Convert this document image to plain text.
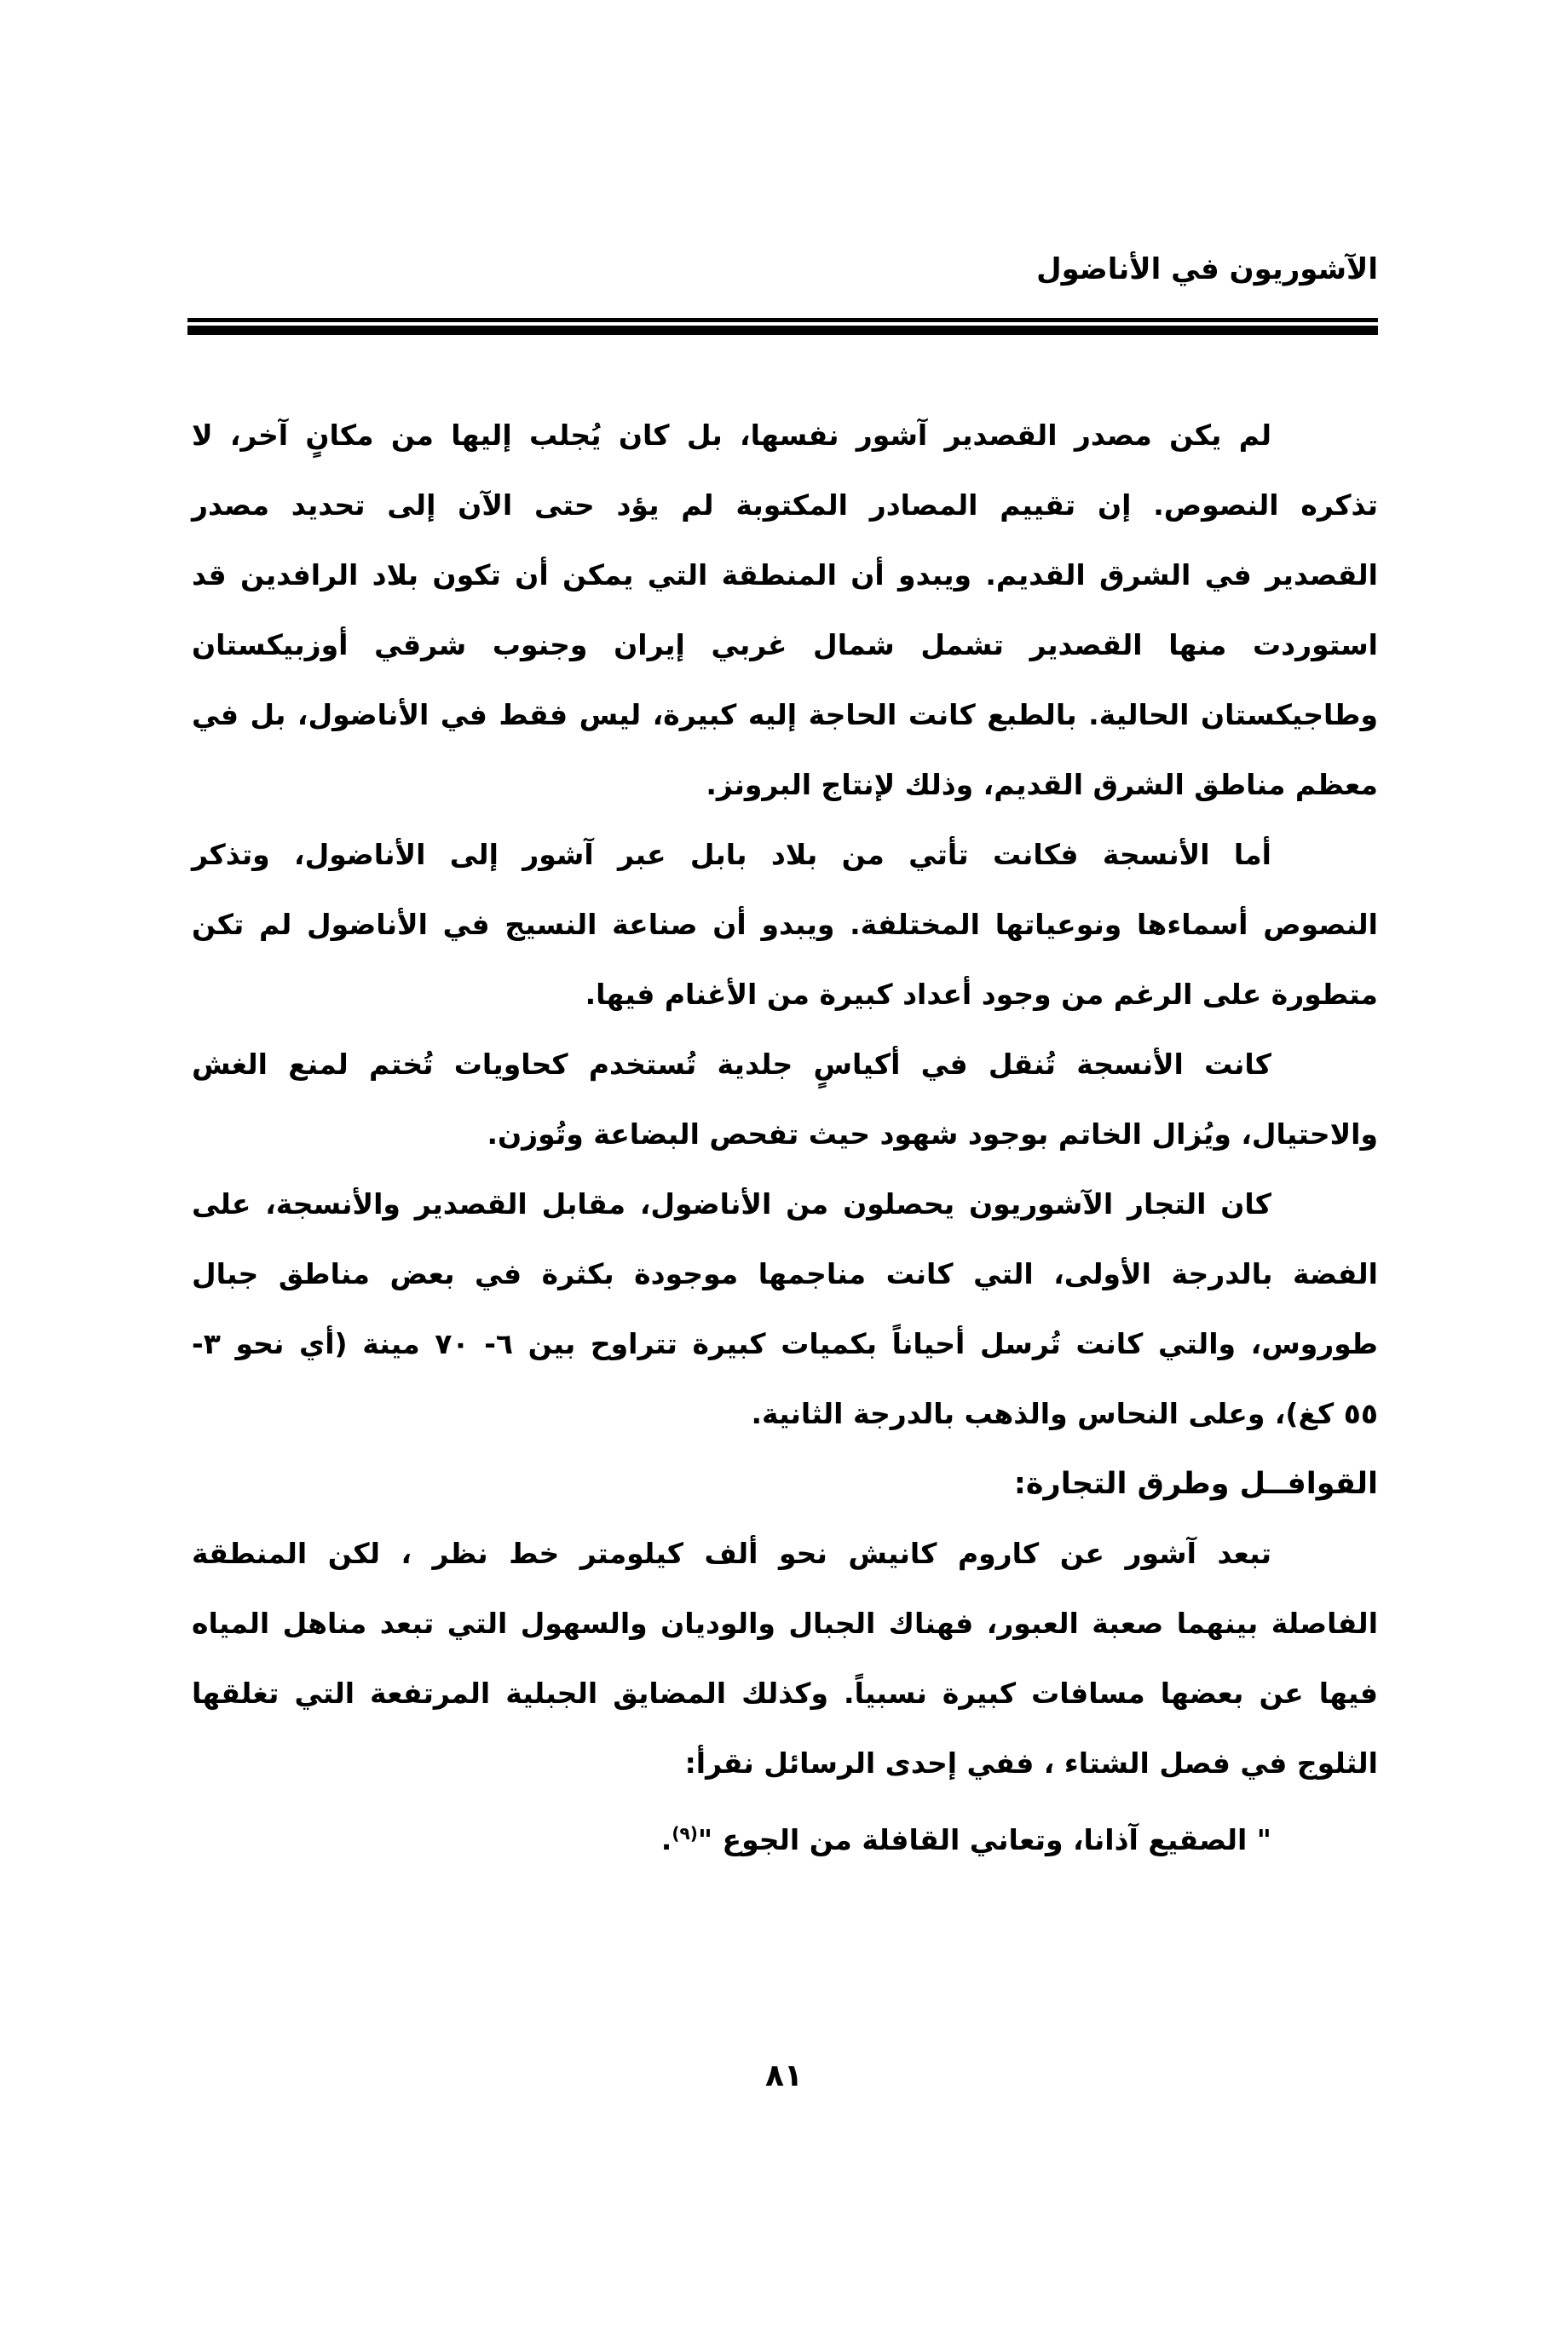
الآشوريون في الأناضول
لم يكن مصدر القصدير آشور نفسها، بل كان يُجلب إليها من مكانٍ آخر، لا
تذكره النصوص. إن تقييم المصادر المكتوبة لم يؤد حتى الآن إلى تحديد مصدر
القصدير في الشرق القديم. ويبدو أن المنطقة التي يمكن أن تكون بلاد الرافدين قد
استوردت منها القصدير تشمل شمال غربي إيران وجنوب شرقي أوزبيكستان
وطاجيكستان الحالية. بالطبع كانت الحاجة إليه كبيرة، ليس فقط في الأناضول، بل في
معظم مناطق الشرق القديم، وذلك لإنتاج البرونز.
أما الأنسجة فكانت تأتي من بلاد بابل عبر آشور إلى الأناضول، وتذكر
النصوص أسماءها ونوعياتها المختلفة. ويبدو أن صناعة النسيج في الأناضول لم تكن
متطورة على الرغم من وجود أعداد كبيرة من الأغنام فيها.
كانت الأنسجة تُنقل في أكياسٍ جلدية تُستخدم كحاويات تُختم لمنع الغش
والاحتيال، ويُزال الخاتم بوجود شهود حيث تفحص البضاعة وتُوزن.
كان التجار الآشوريون يحصلون من الأناضول، مقابل القصدير والأنسجة، على
الفضة بالدرجة الأولى، التي كانت مناجمها موجودة بكثرة في بعض مناطق جبال
طوروس، والتي كانت تُرسل أحياناً بكميات كبيرة تتراوح بين ٦- ٧٠ مينة (أي نحو ٣-
٥٥ كغ)، وعلى النحاس والذهب بالدرجة الثانية.
القوافــل وطرق التجارة:
تبعد آشور عن كاروم كانيش نحو ألف كيلومتر خط نظر ، لكن المنطقة
الفاصلة بينهما صعبة العبور، فهناك الجبال والوديان والسهول التي تبعد مناهل المياه
فيها عن بعضها مسافات كبيرة نسبياً. وكذلك المضايق الجبلية المرتفعة التي تغلقها
الثلوج في فصل الشتاء ، ففي إحدى الرسائل نقرأ:
" الصقيع آذانا، وتعاني القافلة من الجوع "$^{(٩)}$.
٨١
